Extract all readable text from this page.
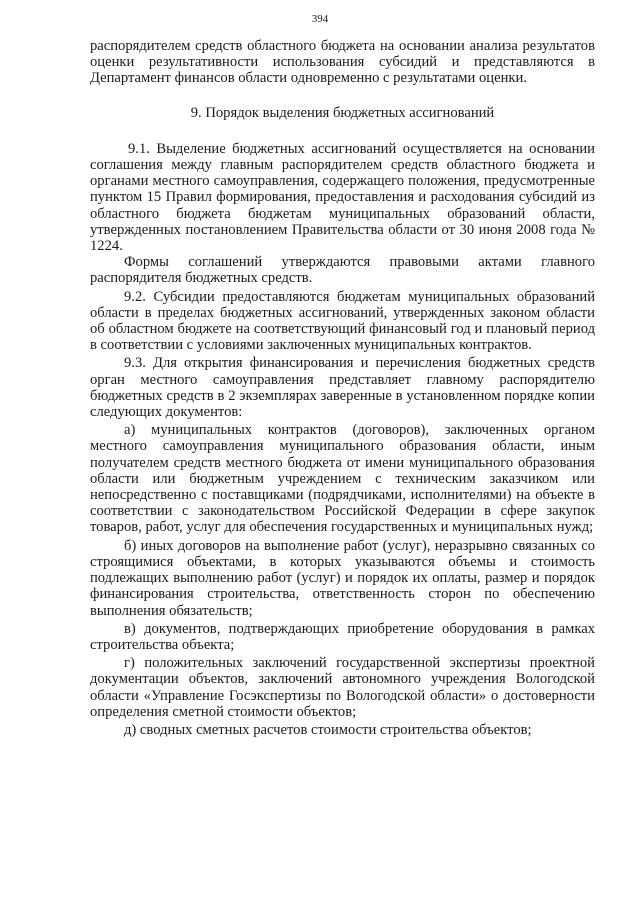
394

распорядителем средств областного бюджета на основании анализа результатов оценки результативности использования субсидий и представляются в Департамент финансов области одновременно с результатами оценки.

9. Порядок выделения бюджетных ассигнований

9.1. Выделение бюджетных ассигнований осуществляется на основании соглашения между главным распорядителем средств областного бюджета и органами местного самоуправления, содержащего положения, предусмотренные пунктом 15 Правил формирования, предоставления и расходования субсидий из областного бюджета бюджетам муниципальных образований области, утвержденных постановлением Правительства области от 30 июня 2008 года № 1224.

Формы соглашений утверждаются правовыми актами главного распорядителя бюджетных средств.

9.2. Субсидии предоставляются бюджетам муниципальных образований области в пределах бюджетных ассигнований, утвержденных законом области об областном бюджете на соответствующий финансовый год и плановый период в соответствии с условиями заключенных муниципальных контрактов.

9.3. Для открытия финансирования и перечисления бюджетных средств орган местного самоуправления представляет главному распорядителю бюджетных средств в 2 экземплярах заверенные в установленном порядке копии следующих документов:

а) муниципальных контрактов (договоров), заключенных органом местного самоуправления муниципального образования области, иным получателем средств местного бюджета от имени муниципального образования области или бюджетным учреждением с техническим заказчиком или непосредственно с поставщиками (подрядчиками, исполнителями) на объекте в соответствии с законодательством Российской Федерации в сфере закупок товаров, работ, услуг для обеспечения государственных и муниципальных нужд;

б) иных договоров на выполнение работ (услуг), неразрывно связанных со строящимися объектами, в которых указываются объемы и стоимость подлежащих выполнению работ (услуг) и порядок их оплаты, размер и порядок финансирования строительства, ответственность сторон по обеспечению выполнения обязательств;

в) документов, подтверждающих приобретение оборудования в рамках строительства объекта;

г) положительных заключений государственной экспертизы проектной документации объектов, заключений автономного учреждения Вологодской области «Управление Госэкспертизы по Вологодской области» о достоверности определения сметной стоимости объектов;

д) сводных сметных расчетов стоимости строительства объектов;
